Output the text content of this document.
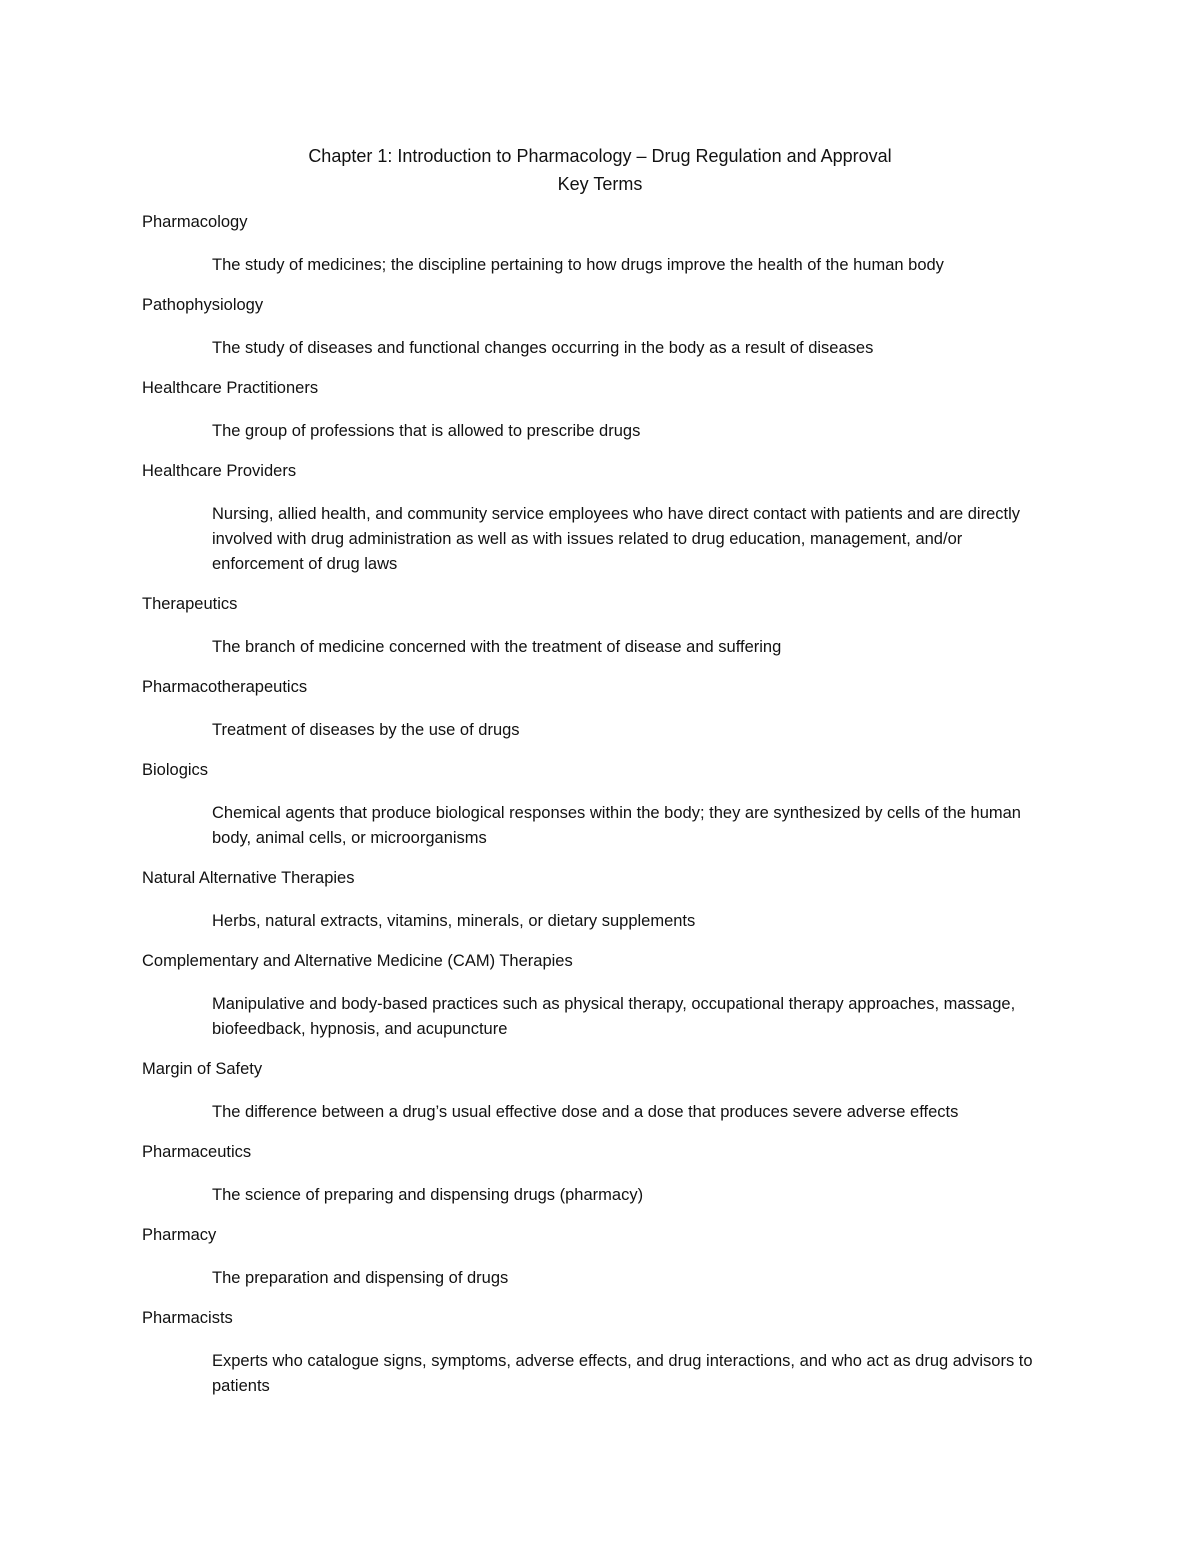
Chapter 1: Introduction to Pharmacology – Drug Regulation and Approval
Key Terms

Pharmacology

The study of medicines; the discipline pertaining to how drugs improve the health of the human body

Pathophysiology

The study of diseases and functional changes occurring in the body as a result of diseases

Healthcare Practitioners

The group of professions that is allowed to prescribe drugs

Healthcare Providers

Nursing, allied health, and community service employees who have direct contact with patients and are directly involved with drug administration as well as with issues related to drug education, management, and/or enforcement of drug laws

Therapeutics

The branch of medicine concerned with the treatment of disease and suffering

Pharmacotherapeutics

Treatment of diseases by the use of drugs

Biologics

Chemical agents that produce biological responses within the body; they are synthesized by cells of the human body, animal cells, or microorganisms

Natural Alternative Therapies

Herbs, natural extracts, vitamins, minerals, or dietary supplements

Complementary and Alternative Medicine (CAM) Therapies

Manipulative and body-based practices such as physical therapy, occupational therapy approaches, massage, biofeedback, hypnosis, and acupuncture

Margin of Safety

The difference between a drug’s usual effective dose and a dose that produces severe adverse effects

Pharmaceutics

The science of preparing and dispensing drugs (pharmacy)

Pharmacy

The preparation and dispensing of drugs

Pharmacists

Experts who catalogue signs, symptoms, adverse effects, and drug interactions, and who act as drug advisors to patients
